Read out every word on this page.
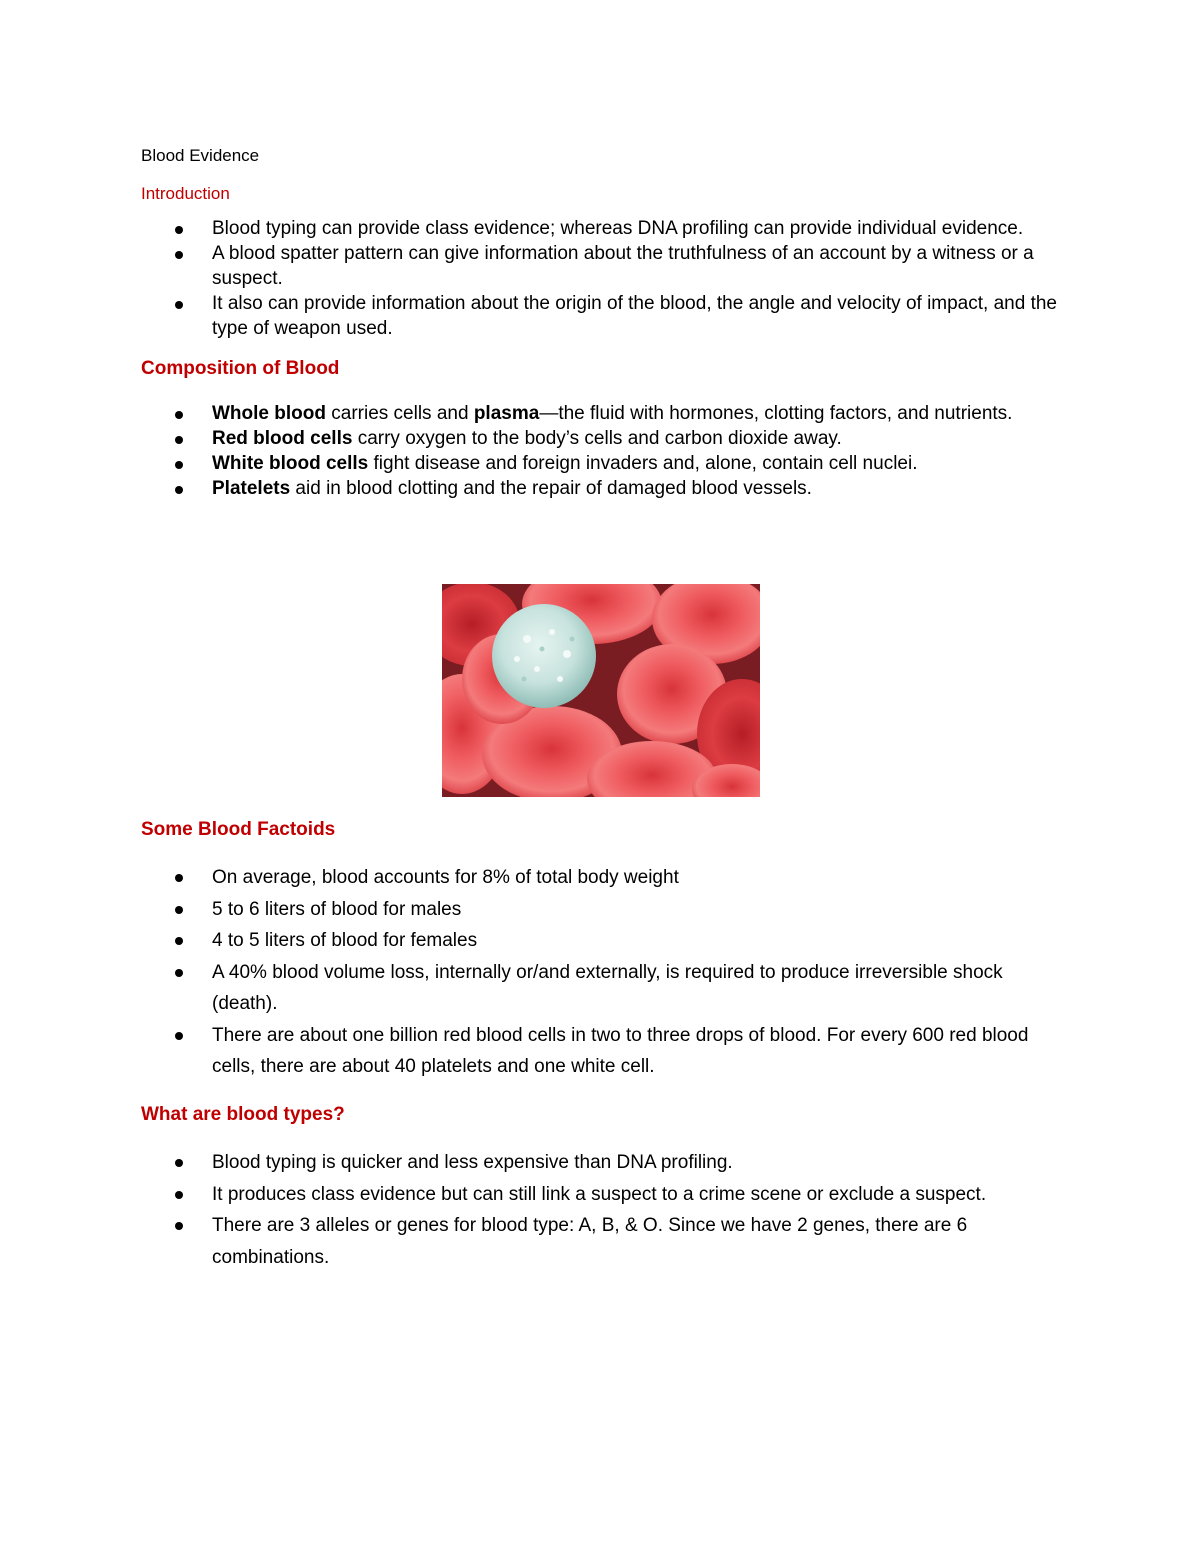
Blood Evidence
Introduction
Blood typing can provide class evidence; whereas DNA profiling can provide individual evidence.
A blood spatter pattern can give information about the truthfulness of an account by a witness or a suspect.
It also can provide information about the origin of the blood, the angle and velocity of impact, and the type of weapon used.
Composition of Blood
Whole blood carries cells and plasma—the fluid with hormones, clotting factors, and nutrients.
Red blood cells carry oxygen to the body’s cells and carbon dioxide away.
White blood cells fight disease and foreign invaders and, alone, contain cell nuclei.
Platelets aid in blood clotting and the repair of damaged blood vessels.
Some Blood Factoids
On average, blood accounts for 8% of total body weight
5 to 6 liters of blood for males
4 to 5 liters of blood for females
A 40% blood volume loss, internally or/and externally, is required to produce irreversible shock (death).
There are about one billion red blood cells in two to three drops of blood. For every 600 red blood cells, there are about 40 platelets and one white cell.
What are blood types?
Blood typing is quicker and less expensive than DNA profiling.
It produces class evidence but can still link a suspect to a crime scene or exclude a suspect.
There are 3 alleles or genes for blood type: A, B, & O. Since we have 2 genes, there are 6 combinations.
